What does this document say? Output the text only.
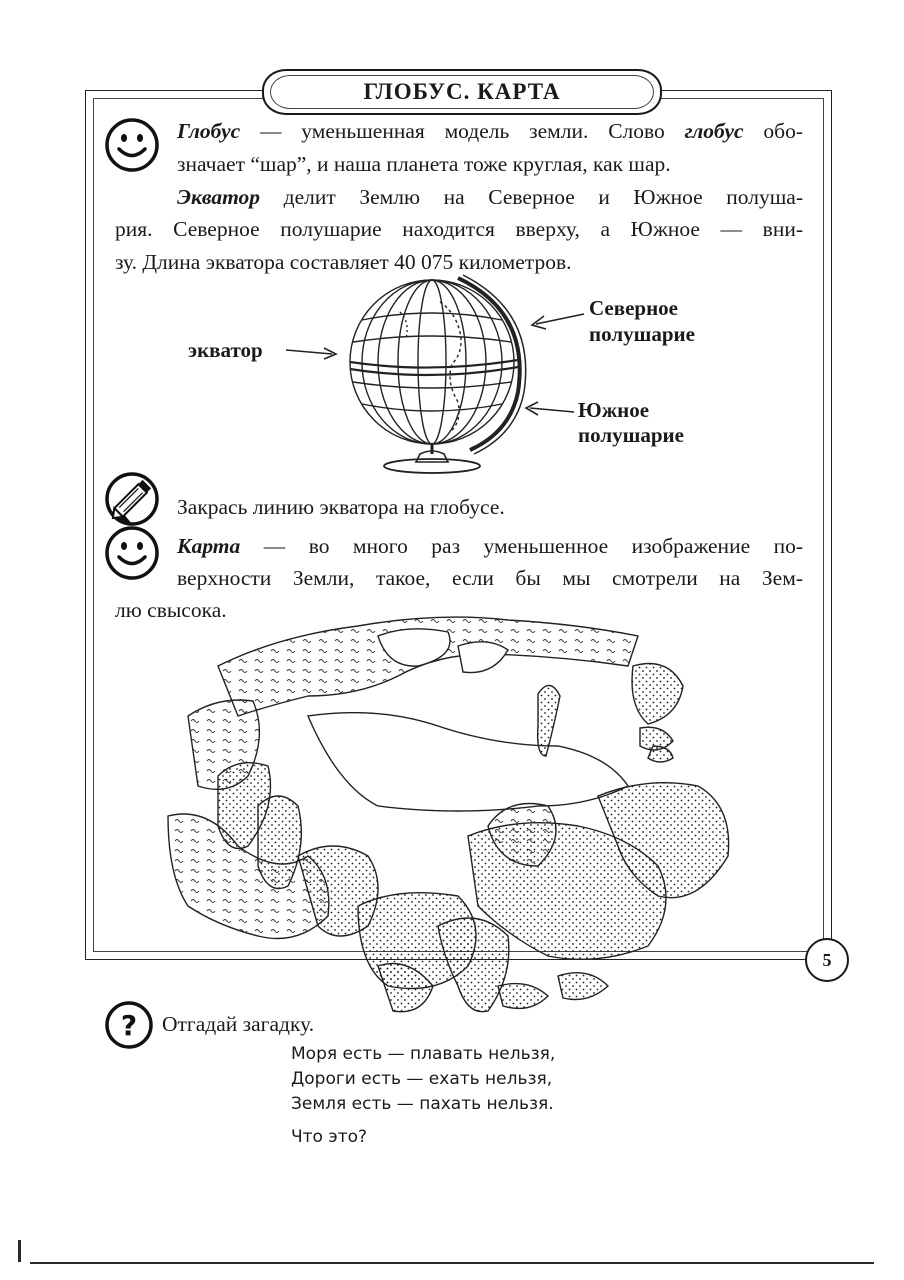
ГЛОБУС. КАРТА
Глобус — уменьшенная модель земли. Слово глобус обо-
значает “шар”, и наша планета тоже круглая, как шар.
Экватор делит Землю на Северное и Южное полуша-
рия. Северное полушарие находится вверху, а Южное — вни-
зу. Длина экватора составляет 40 075 километров.
экватор
Северное
полушарие
Южное
полушарие
Закрась линию экватора на глобусе.
Карта — во много раз уменьшенное изображение по-
верхности Земли, такое, если бы мы смотрели на Зем-
лю свысока.
? Отгадай загадку.
Моря есть — плавать нельзя,
Дороги есть — ехать нельзя,
Земля есть — пахать нельзя.
Что это?
5
